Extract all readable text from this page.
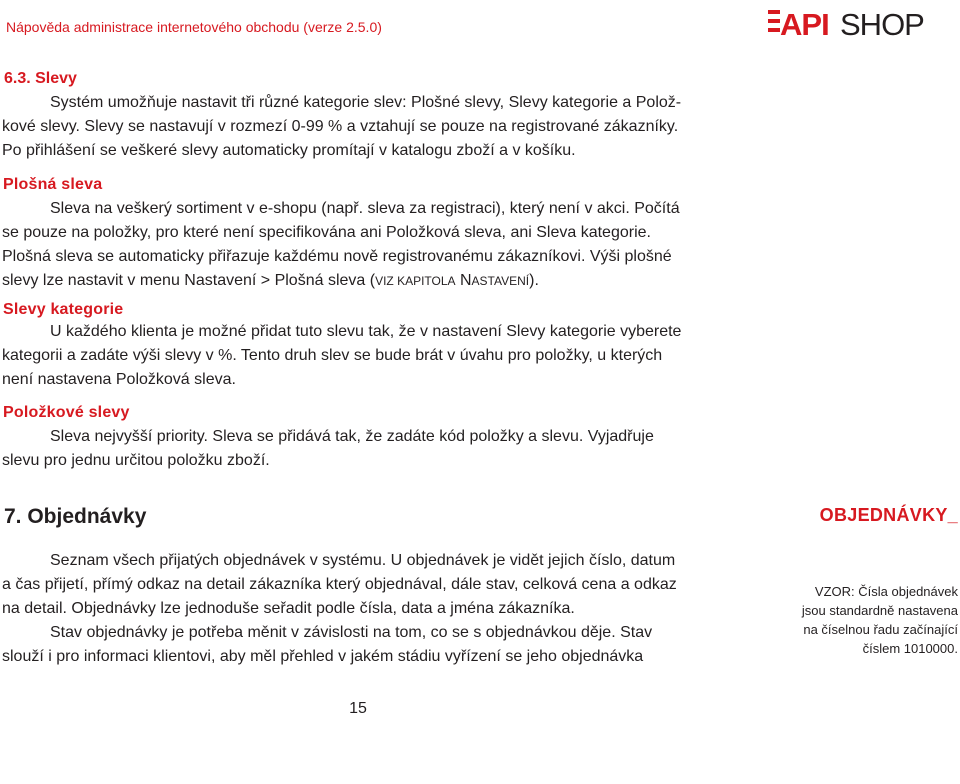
Nápověda administrace internetového obchodu (verze 2.5.0)	API SHOP
6.3. Slevy
Systém umožňuje nastavit tři různé kategorie slev: Plošné slevy, Slevy kategorie a Polož-
kové slevy. Slevy se nastavují v rozmezí 0-99 % a vztahují se pouze na registrované zákazníky.
Po přihlášení se veškeré slevy automaticky promítají v katalogu zboží a v košíku.
Plošná sleva
Sleva na veškerý sortiment v e-shopu (např. sleva za registraci), který není v akci. Počítá
se pouze na položky, pro které není specifikována ani Položková sleva, ani Sleva kategorie.
Plošná sleva se automaticky přiřazuje každému nově registrovanému zákazníkovi. Výši plošné
slevy lze nastavit v menu Nastavení > Plošná sleva (VIZ KAPITOLA NASTAVENÍ).
Slevy kategorie
U každého klienta je možné přidat tuto slevu tak, že v nastavení Slevy kategorie vyberete
kategorii a zadáte výši slevy v %. Tento druh slev se bude brát v úvahu pro položky, u kterých
není nastavena Položková sleva.
Položkové slevy
Sleva nejvyšší priority. Sleva se přidává tak, že zadáte kód položky a slevu. Vyjadřuje
slevu pro jednu určitou položku zboží.
7. Objednávky	OBJEDNÁVKY_
Seznam všech přijatých objednávek v systému. U objednávek je vidět jejich číslo, datum
a čas přijetí, přímý odkaz na detail zákazníka který objednával, dále stav, celková cena a odkaz
na detail. Objednávky lze jednoduše seřadit podle čísla, data a jména zákazníka.
Stav objednávky je potřeba měnit v závislosti na tom, co se s objednávkou děje. Stav
slouží i pro informaci klientovi, aby měl přehled v jakém stádiu vyřízení se jeho objednávka
VZOR: Čísla objednávek
jsou standardně nastavena
na číselnou řadu začínající
číslem 1010000.
15
